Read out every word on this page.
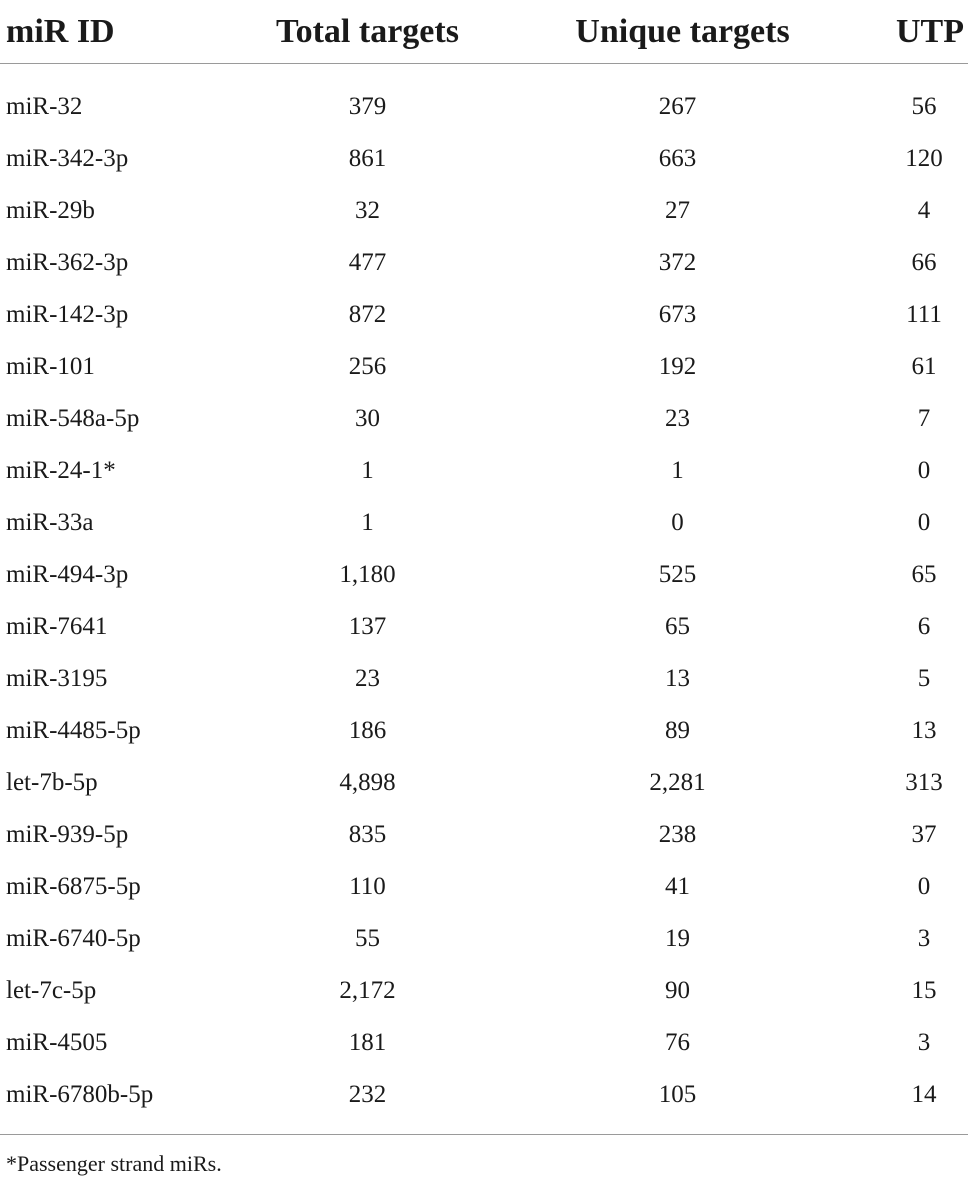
miR ID	Total targets	Unique targets	UTP

miR-32	379	267	56
miR-342-3p	861	663	120
miR-29b	32	27	4
miR-362-3p	477	372	66
miR-142-3p	872	673	111
miR-101	256	192	61
miR-548a-5p	30	23	7
miR-24-1*	1	1	0
miR-33a	1	0	0
miR-494-3p	1,180	525	65
miR-7641	137	65	6
miR-3195	23	13	5
miR-4485-5p	186	89	13
let-7b-5p	4,898	2,281	313
miR-939-5p	835	238	37
miR-6875-5p	110	41	0
miR-6740-5p	55	19	3
let-7c-5p	2,172	90	15
miR-4505	181	76	3
miR-6780b-5p	232	105	14

*Passenger strand miRs.
